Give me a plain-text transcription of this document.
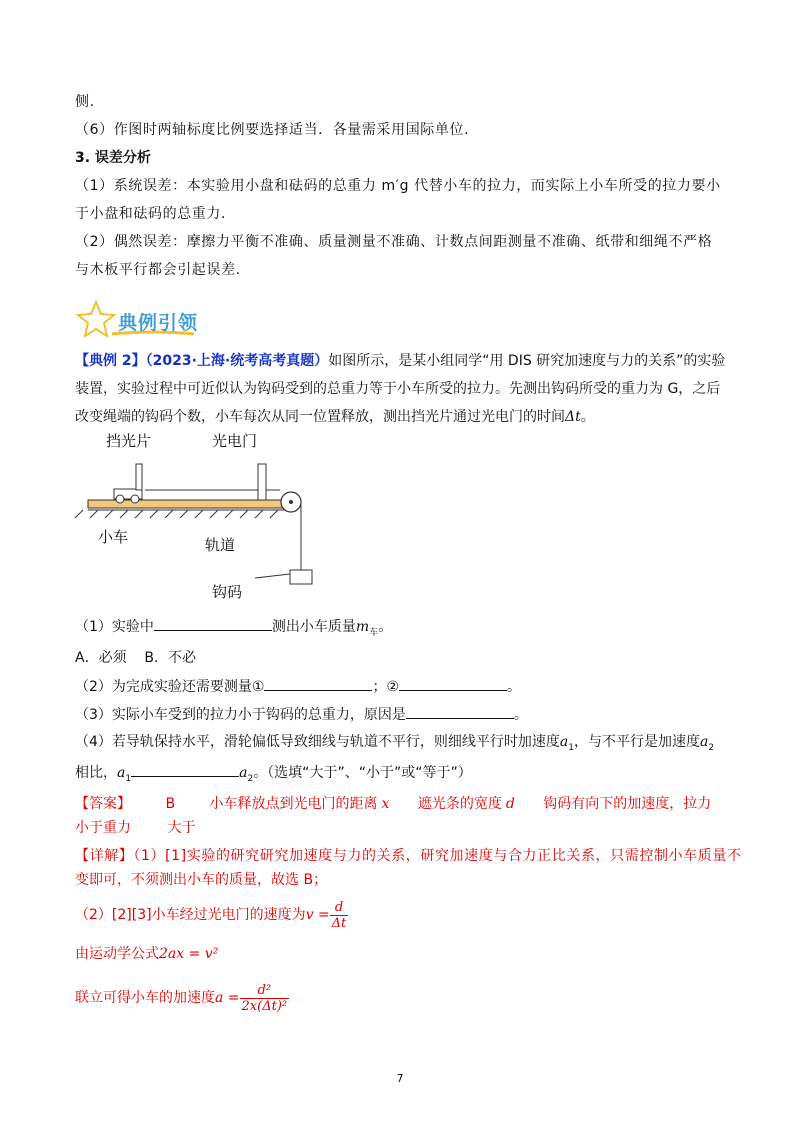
侧.
（6）作图时两轴标度比例要选择适当．各量需采用国际单位.
3. 误差分析
（1）系统误差：本实验用小盘和砝码的总重力 m′g 代替小车的拉力，而实际上小车所受的拉力要小
于小盘和砝码的总重力.
（2）偶然误差：摩擦力平衡不准确、质量测量不准确、计数点间距测量不准确、纸带和细绳不严格
与木板平行都会引起误差.
典例引领
【典例 2】（2023·上海·统考高考真题）如图所示，是某小组同学“用 DIS 研究加速度与力的关系”的实验
装置，实验过程中可近似认为钩码受到的总重力等于小车所受的拉力。先测出钩码所受的重力为 G，之后
改变绳端的钩码个数，小车每次从同一位置释放，测出挡光片通过光电门的时间Δt。
挡光片	光电门
小车	轨道
钩码
（1）实验中	测出小车质量$m_车$。
A．必须    B．不必
（2）为完成实验还需要测量①	；②	。
（3）实际小车受到的拉力小于钩码的总重力，原因是	。
（4）若导轨保持水平，滑轮偏低导致细线与轨道不平行，则细线平行时加速度$a_1$，与不平行是加速度$a_2$
相比，$a_1$	$a_2$。（选填“大于”、“小于”或“等于”）
【答案】 B 小车释放点到光电门的距离 x 遮光条的宽度 d 钩码有向下的加速度，拉力
小于重力	大于
【详解】（1）[1]实验的研究研究加速度与力的关系，研究加速度与合力正比关系，只需控制小车质量不
变即可，不须测出小车的质量，故选 B；
（2）[2][3]小车经过光电门的速度为$v = \frac{d}{\Delta t}$
由运动学公式2ax = v²
联立可得小车的加速度$a = \frac{\text{d²}}{\text{2x(Δt)²}}$
7
